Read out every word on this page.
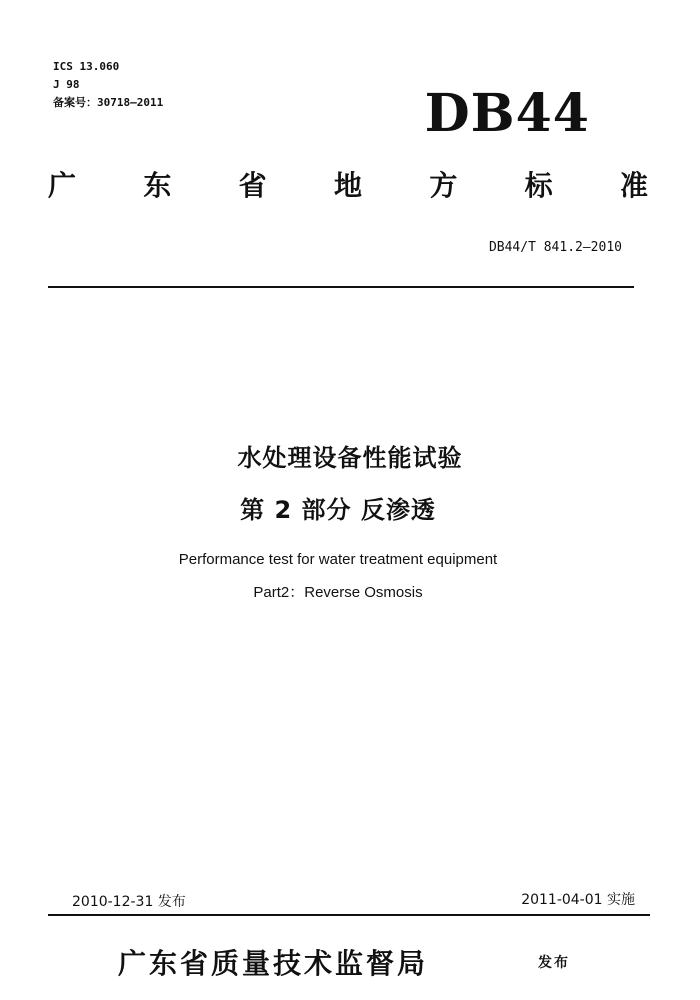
ICS 13.060
J 98
备案号：30718—2011	DB44
广 东 省 地 方 标 准
DB44/T 841.2—2010
水处理设备性能试验
第 2 部分 反渗透
Performance test for water treatment equipment
Part2：Reverse Osmosis
2010-12-31 发布	2011-04-01 实施
广东省质量技术监督局	发布
